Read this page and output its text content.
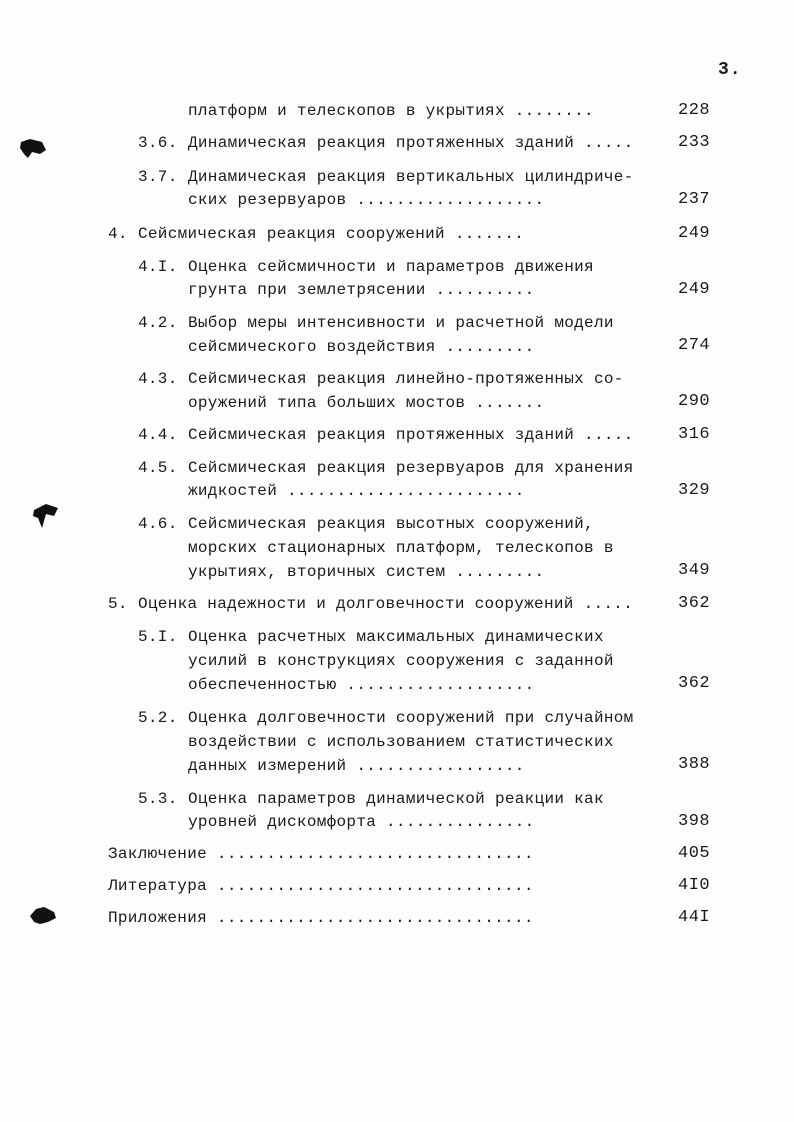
3.
платформ и телескопов в укрытиях ........	228
3.6. Динамическая реакция протяженных зданий .....	233
3.7. Динамическая реакция вертикальных цилиндриче-
ских резервуаров ...................	237
4. Сейсмическая реакция сооружений .......	249
4.I. Оценка сейсмичности и параметров движения
грунта при землетрясении ..........	249
4.2. Выбор меры интенсивности и расчетной модели
сейсмического воздействия .........	274
4.3. Сейсмическая реакция линейно-протяженных со-
оружений типа больших мостов .......	290
4.4. Сейсмическая реакция протяженных зданий .....	316
4.5. Сейсмическая реакция резервуаров для хранения
жидкостей ........................	329
4.6. Сейсмическая реакция высотных сооружений,
морских стационарных платформ, телескопов в
укрытиях, вторичных систем .........	349
5. Оценка надежности и долговечности сооружений .....	362
5.I. Оценка расчетных максимальных динамических
усилий в конструкциях сооружения с заданной
обеспеченностью ...................	362
5.2. Оценка долговечности сооружений при случайном
воздействии с использованием статистических
данных измерений .................	388
5.3. Оценка параметров динамической реакции как
уровней дискомфорта ...............	398
Заключение ................................	405
Литература ................................	4I0
Приложения ................................	44I
